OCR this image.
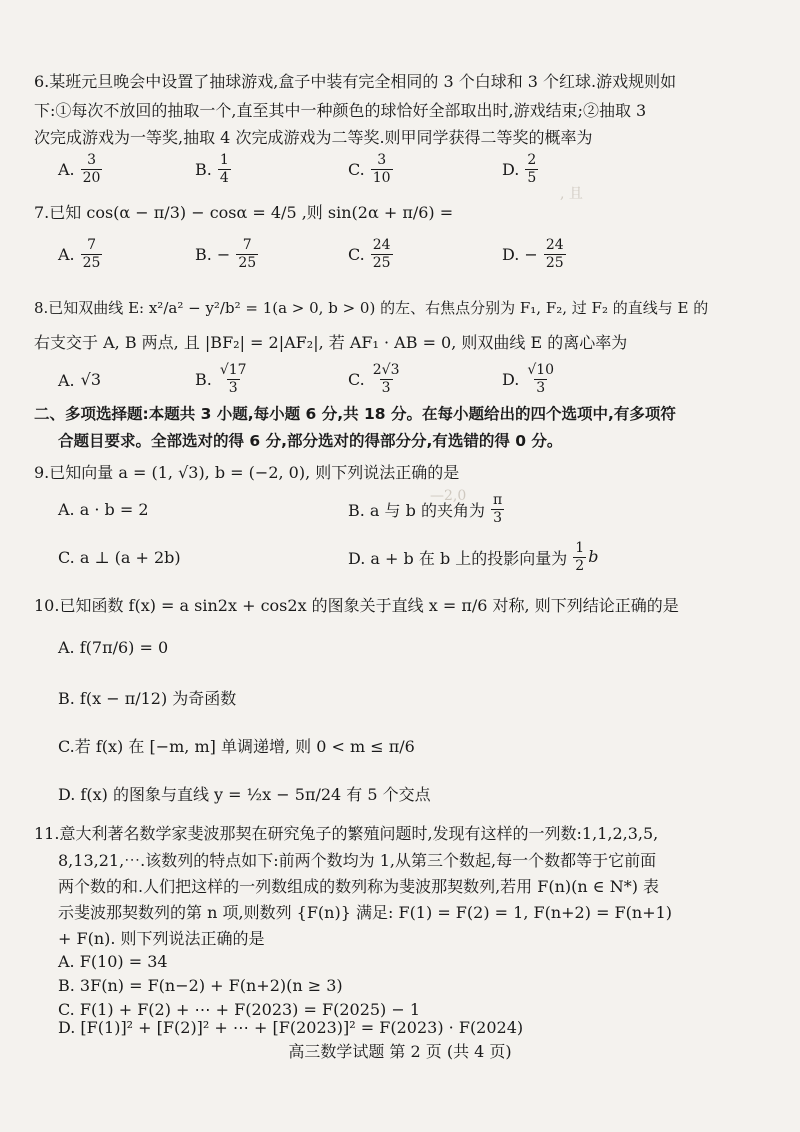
, 且
—2,0
6.某班元旦晚会中设置了抽球游戏,盒子中装有完全相同的 3 个白球和 3 个红球.游戏规则如
下:①每次不放回的抽取一个,直至其中一种颜色的球恰好全部取出时,游戏结束;②抽取 3
次完成游戏为一等奖,抽取 4 次完成游戏为二等奖.则甲同学获得二等奖的概率为
A. $\frac{3}{20}$	B. $\frac{1}{4}$	C. $\frac{3}{10}$	D. $\frac{2}{5}$
7.已知 cos(α − π/3) − cosα = 4/5 ,则 sin(2α + π/6) =
A. $\frac{7}{25}$	B. − $\frac{7}{25}$	C. $\frac{24}{25}$	D. − $\frac{24}{25}$
8.已知双曲线 E: x²/a² − y²/b² = 1(a > 0, b > 0) 的左、右焦点分别为 F₁, F₂, 过 F₂ 的直线与 E 的
右支交于 A, B 两点, 且 |BF₂| = 2|AF₂|, 若 AF₁ · AB = 0, 则双曲线 E 的离心率为
A. √3	B. $\frac{√17}{3}$	C. $\frac{2√3}{3}$	D. $\frac{√10}{3}$
二、多项选择题:本题共 3 小题,每小题 6 分,共 18 分。在每小题给出的四个选项中,有多项符
合题目要求。全部选对的得 6 分,部分选对的得部分分,有选错的得 0 分。
9.已知向量 a = (1, √3), b = (−2, 0), 则下列说法正确的是
A. a · b = 2	B. a 与 b 的夹角为 $\frac{\pi}{3}$
C. a ⊥ (a + 2b)	D. a + b 在 b 上的投影向量为 $\frac{1}{2}$ b
10.已知函数 f(x) = a sin2x + cos2x 的图象关于直线 x = π/6 对称, 则下列结论正确的是
A. f(7π/6) = 0
B. f(x − π/12) 为奇函数
C.若 f(x) 在 [−m, m] 单调递增, 则 0 < m ≤ π/6
D. f(x) 的图象与直线 y = ½x − 5π/24 有 5 个交点
11.意大利著名数学家斐波那契在研究兔子的繁殖问题时,发现有这样的一列数:1,1,2,3,5,
8,13,21,⋯.该数列的特点如下:前两个数均为 1,从第三个数起,每一个数都等于它前面
两个数的和.人们把这样的一列数组成的数列称为斐波那契数列,若用 F(n)(n ∈ N*) 表
示斐波那契数列的第 n 项,则数列 {F(n)} 满足: F(1) = F(2) = 1, F(n+2) = F(n+1)
+ F(n). 则下列说法正确的是
A. F(10) = 34
B. 3F(n) = F(n−2) + F(n+2)(n ≥ 3)
C. F(1) + F(2) + ⋯ + F(2023) = F(2025) − 1
D. [F(1)]² + [F(2)]² + ⋯ + [F(2023)]² = F(2023) · F(2024)
高三数学试题 第 2 页 (共 4 页)
